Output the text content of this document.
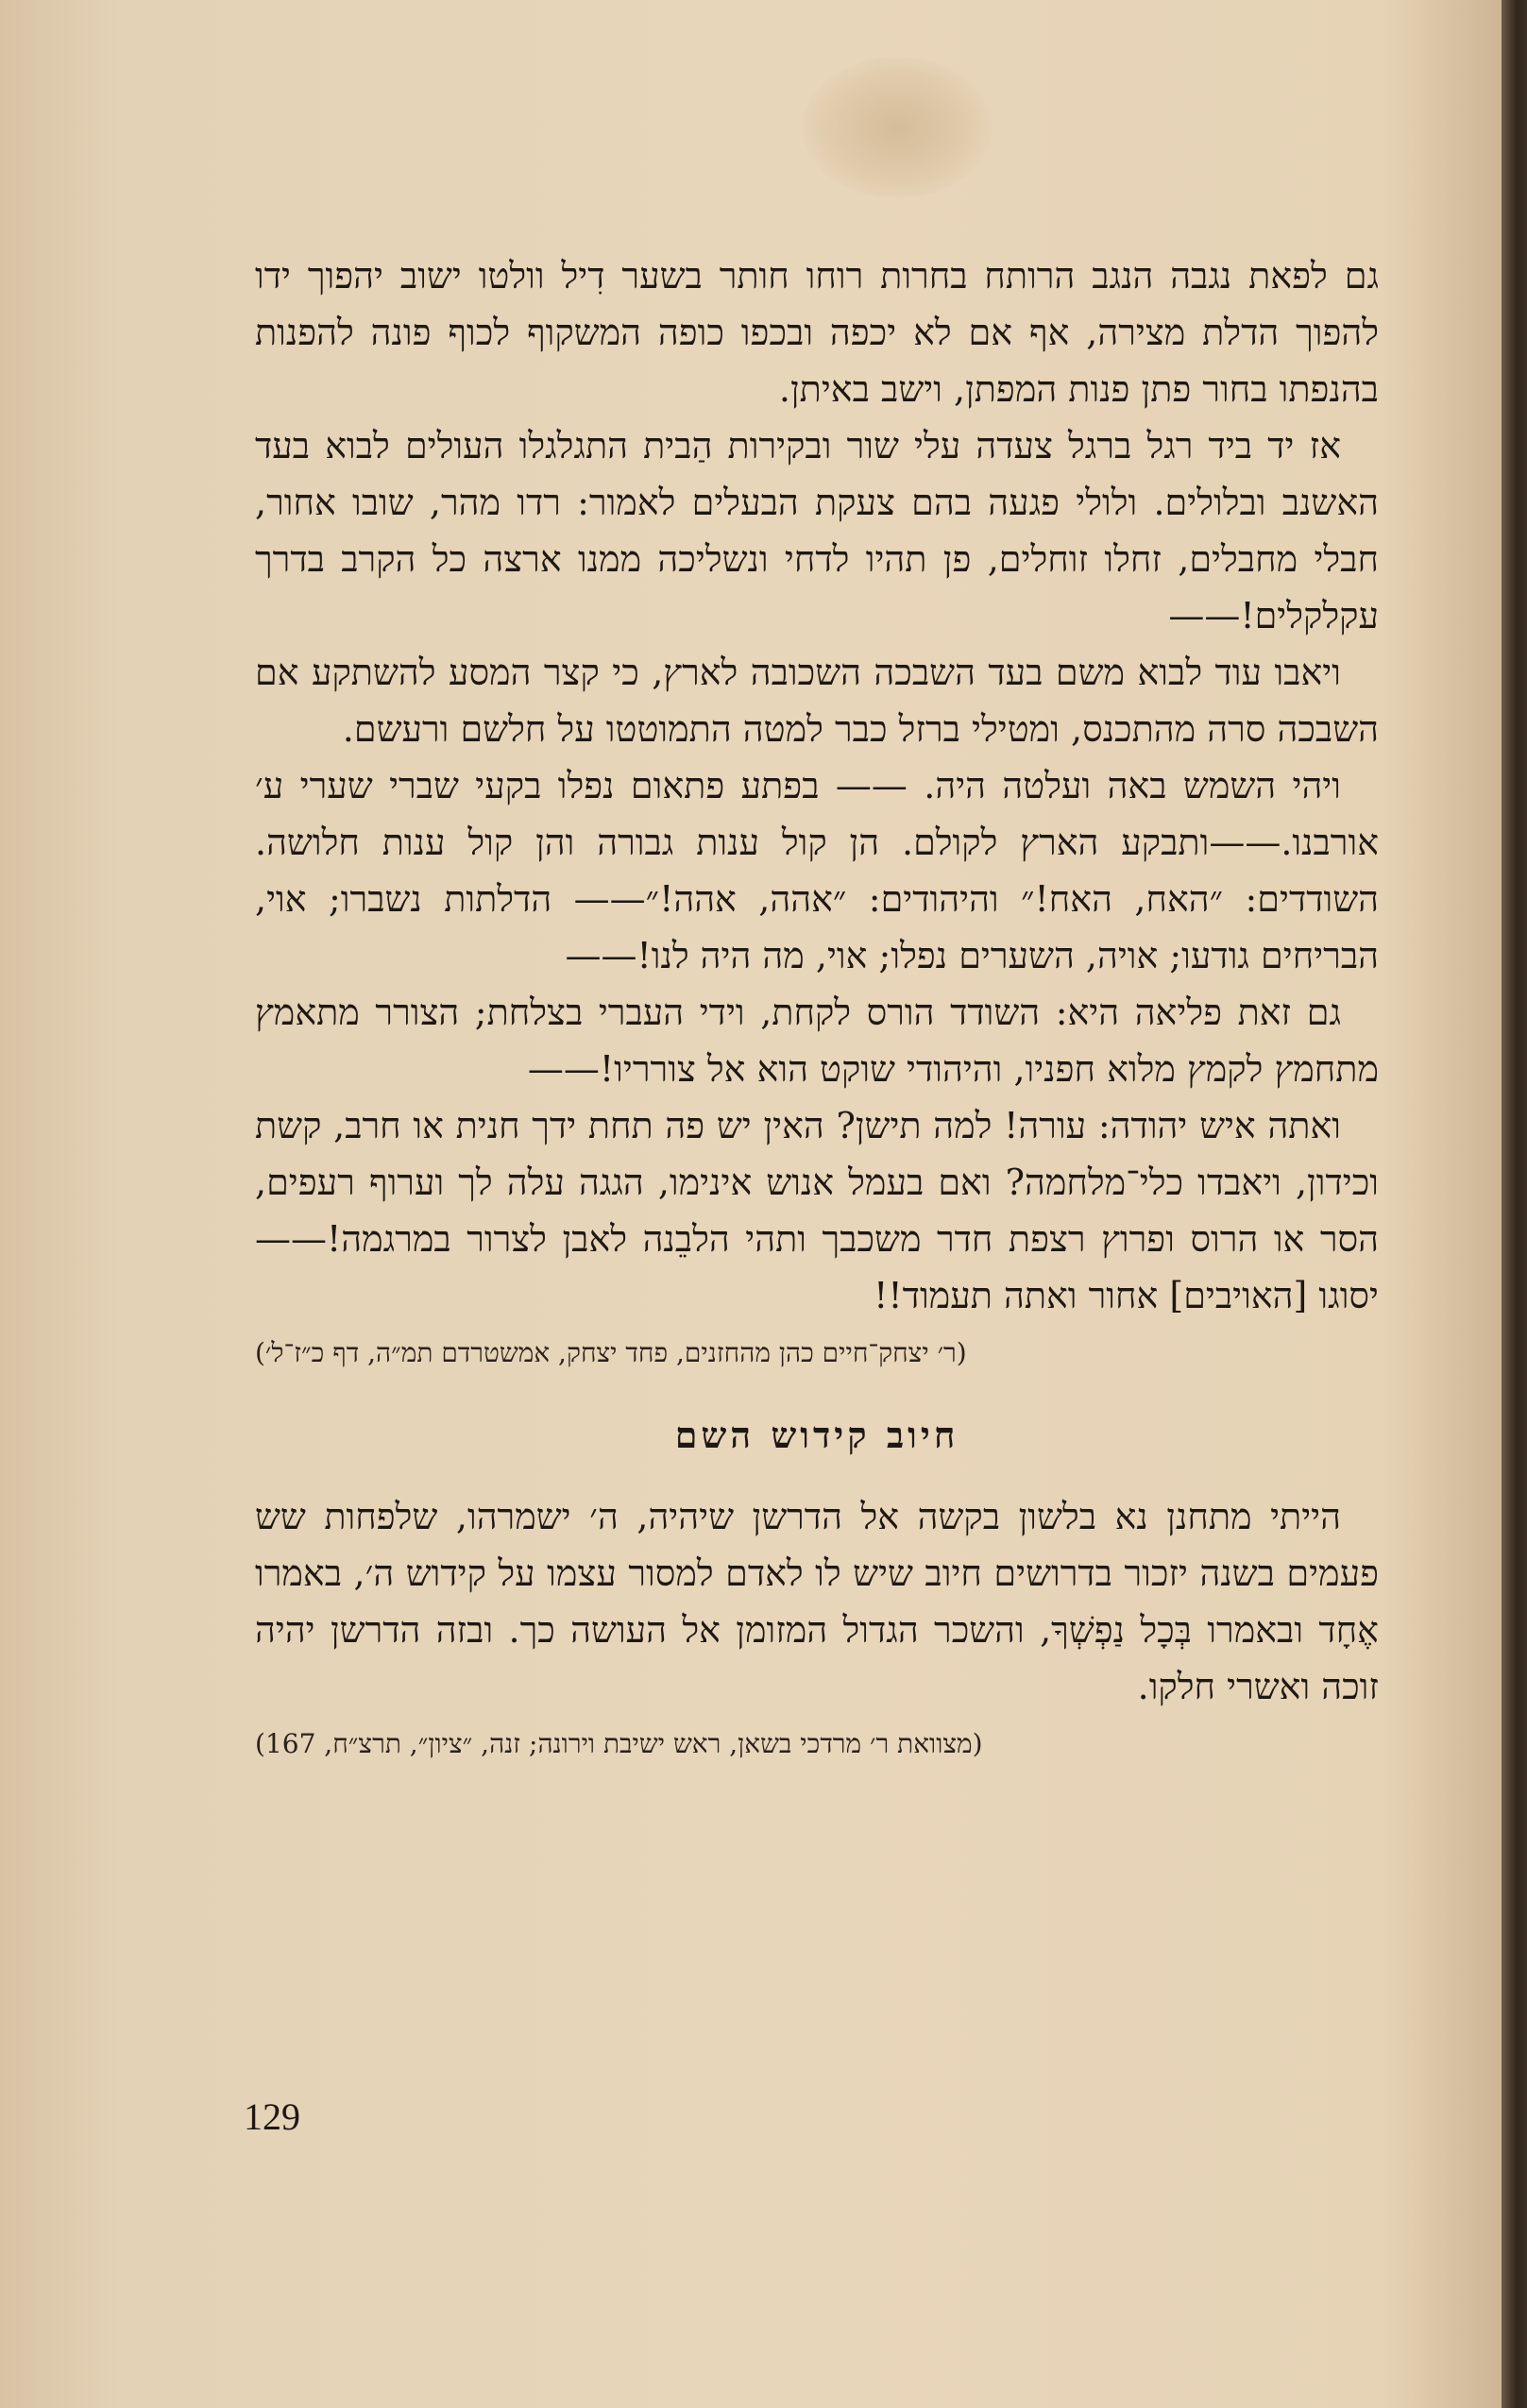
גם לפאת נגבה הנגב הרותח בחרות רוחו חותר בשער דִיל וולטו ישוב יהפוך ידו להפוך הדלת מצירה, אף אם לא יכפה ובכפו כופה המשקוף לכוף פונה להפנות בהנפתו בחור פתן פנות המפתן, וישב באיתן.

אז יד ביד רגל ברגל צעדה עלי שור ובקירות הַבית התגלגלו העולים לבוא בעד האשנב ובלולים. ולולי פגעה בהם צעקת הבעלים לאמור: רדו מהר, שובו אחור, חבלי מחבלים, זחלו זוחלים, פן תהיו לדחי ונשליכה ממנו ארצה כל הקרב בדרך עקלקלים!——

ויאבו עוד לבוא משם בעד השבכה השכובה לארץ, כי קצר המסע להשתקע אם השבכה סרה מהתכנס, ומטילי ברזל כבר למטה התמוטטו על חלשם ורעשם.

ויהי השמש באה ועלטה היה. —— בפתע פתאום נפלו בקעי שברי שערי ע׳ אורבנו.——ותבקע הארץ לקולם. הן קול ענות גבורה והן קול ענות חלושה. השודדים: ״האח, האח!״ והיהודים: ״אהה, אהה!״—— הדלתות נשברו; אוי, הבריחים גודעו; אויה, השערים נפלו; אוי, מה היה לנו!——

גם זאת פליאה היא: השודד הורס לקחת, וידי העברי בצלחת; הצורר מתאמץ מתחמץ לקמץ מלוא חפניו, והיהודי שוקט הוא אל צורריו!——

ואתה איש יהודה: עורה! למה תישן? האין יש פה תחת ידך חנית או חרב, קשת וכידון, ויאבדו כלי־מלחמה? ואם בעמל אנוש אינימו, הגגה עלה לך וערוף רעפים, הסר או הרוס ופרוץ רצפת חדר משכבך ותהי הלבֵנה לאבן לצרור במרגמה!——יסוגו [האויבים] אחור ואתה תעמוד!!

(ר׳ יצחק־חיים כהן מהחזנים, פחד יצחק, אמשטרדם תמ״ה, דף כ״ז־ל׳)

חיוב קידוש השם

הייתי מתחנן נא בלשון בקשה אל הדרשן שיהיה, ה׳ ישמרהו, שלפחות שש פעמים בשנה יזכור בדרושים חיוב שיש לו לאדם למסור עצמו על קידוש ה׳, באמרו אֶחָד ובאמרו בְּכָל נַפְשְׁךָ, והשכר הגדול המזומן אל העושה כך. ובזה הדרשן יהיה זוכה ואשרי חלקו.

(מצוואת ר׳ מרדכי בשאן, ראש ישיבת וירונה; זנה, ״ציון״, תרצ״ח, 167)

129
